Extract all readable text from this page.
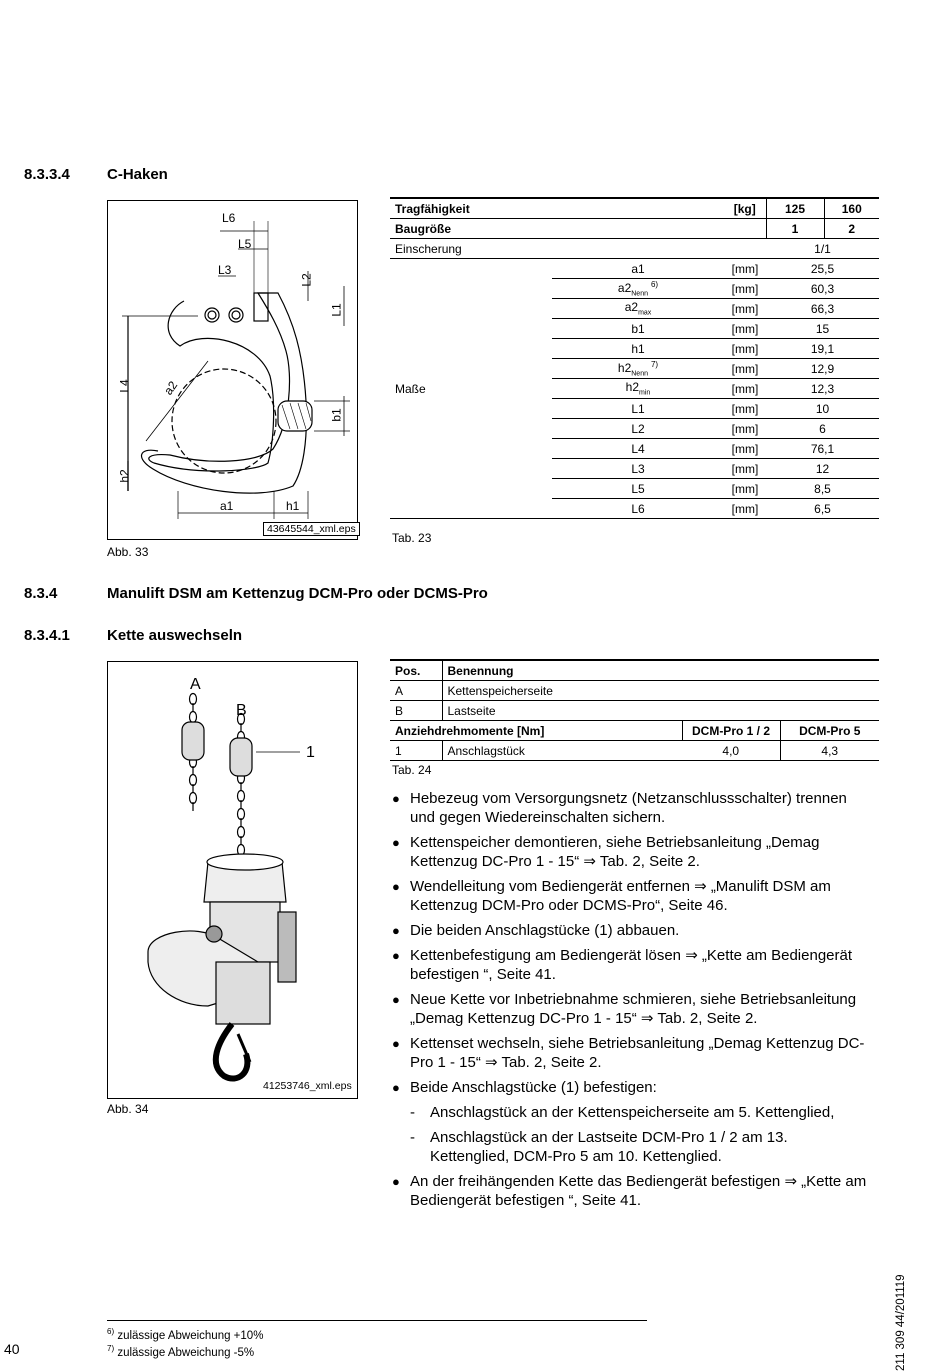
8.3.3.4 C-Haken
L6
L5
L3
L2
L1
L4 a2
b1
h2
a1	h1
43645544_xml.eps
Abb. 33
Tragfähigkeit		[kg]	125	160
Baugröße			1	2
Einscherung			1/1	
Maße	a1	[mm]	25,5	
	$a2_{Nenn}^{6)}$	[mm]	60,3	
	$a2_{max}$	[mm]	66,3	
	b1	[mm]	15	
	h1	[mm]	19,1	
	$h2_{Nenn}^{7)}$	[mm]	12,9	
	$h2_{min}$	[mm]	12,3	
	L1	[mm]	10	
	L2	[mm]	6	
	L4	[mm]	76,1	
	L3	[mm]	12	
	L5	[mm]	8,5	
	L6	[mm]	6,5	
Tab. 23
8.3.4	Manulift DSM am Kettenzug DCM-Pro oder DCMS-Pro
8.3.4.1 Kette auswechseln
A
B
1
41253746_xml.eps
Abb. 34
Pos.	Benennung		
A	Kettenspeicherseite		
B	Lastseite		
Anziehdrehmomente [Nm]		DCM-Pro 1 / 2	DCM-Pro 5
1	Anschlagstück	4,0	4,3
Tab. 24
● Hebezeug vom Versorgungsnetz (Netzanschlussschalter) trennen und gegen Wiedereinschalten sichern.
● Kettenspeicher demontieren, siehe Betriebsanleitung „Demag Kettenzug DC-Pro 1 - 15“ ⇒ Tab. 2, Seite 2.
● Wendelleitung vom Bediengerät entfernen ⇒ „Manulift DSM am Kettenzug DCM-Pro oder DCMS-Pro“, Seite 46.
● Die beiden Anschlagstücke (1) abbauen.
● Kettenbefestigung am Bediengerät lösen ⇒ „Kette am Bediengerät befestigen “, Seite 41.
● Neue Kette vor Inbetriebnahme schmieren, siehe Betriebsanleitung „Demag Kettenzug DC-Pro 1 - 15“ ⇒ Tab. 2, Seite 2.
● Kettenset wechseln, siehe Betriebsanleitung „Demag Kettenzug DC-Pro 1 - 15“ ⇒ Tab. 2, Seite 2.
● Beide Anschlagstücke (1) befestigen:
-	Anschlagstück an der Kettenspeicherseite am 5. Kettenglied,
-	Anschlagstück an der Lastseite DCM-Pro 1 / 2 am 13. Kettenglied, DCM-Pro 5 am 10. Kettenglied.
● An der freihängenden Kette das Bediengerät befestigen ⇒ „Kette am Bediengerät befestigen “, Seite 41.
$^{6)}$ zulässige Abweichung +10%
$^{7)}$ zulässige Abweichung -5%
40	211 309 44/201119
